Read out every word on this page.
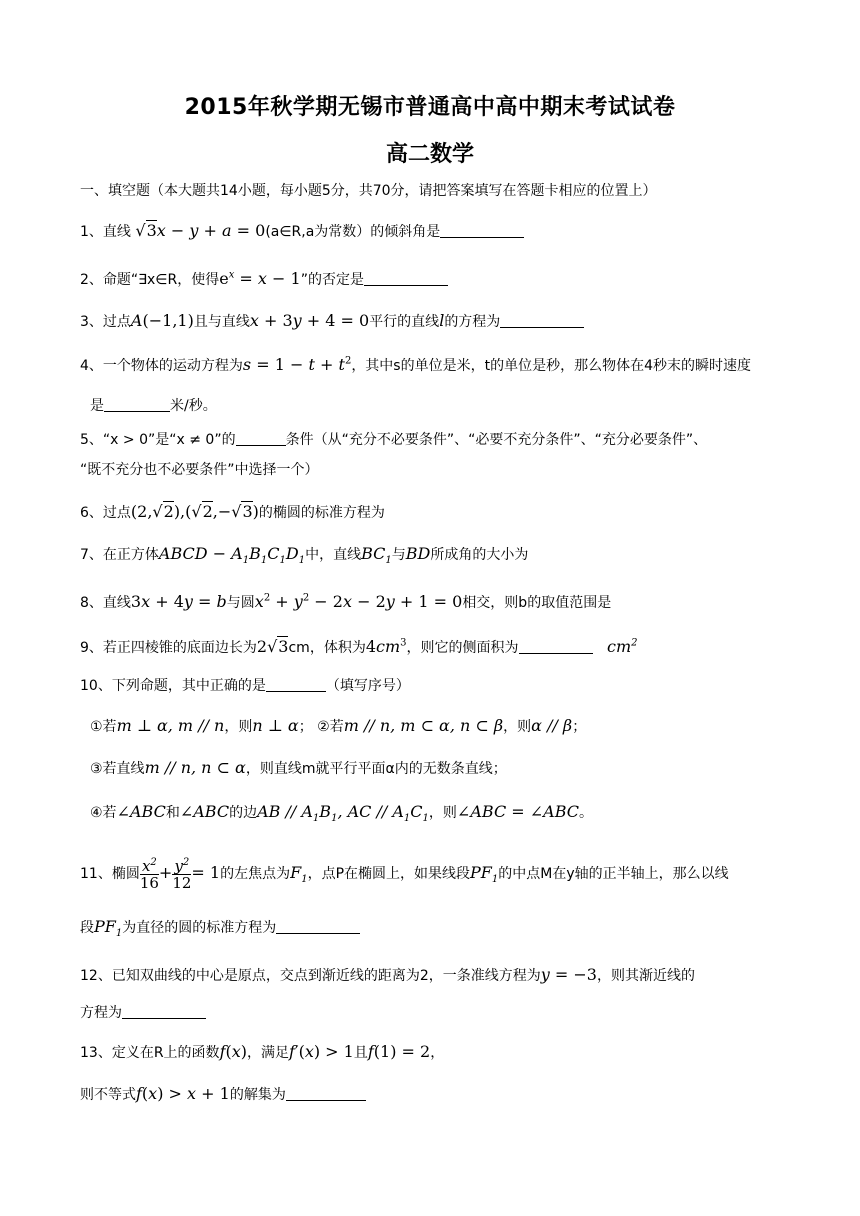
2015年秋学期无锡市普通高中高中期末考试试卷
高二数学
一、填空题（本大题共14小题，每小题5分，共70分，请把答案填写在答题卡相应的位置上）
1、直线 √3x − y + a = 0(a∈R,a为常数）的倾斜角是
2、命题“∃x∈R，使得$e^x = x - 1$”的否定是
3、过点A(−1,1)且与直线x + 3y + 4 = 0平行的直线l的方程为
4、一个物体的运动方程为$s = 1 - t + t^2$，其中s的单位是米，t的单位是秒，那么物体在4秒末的瞬时速度
是	米/秒。
5、“x > 0”是“x ≠ 0”的	条件（从“充分不必要条件”、“必要不充分条件”、“充分必要条件”、
“既不充分也不必要条件”中选择一个）
6、过点(2,√2),(√2,−√3)的椭圆的标准方程为
7、在正方体ABCD − $A_1B_1C_1D_1$中，直线$BC_1$与BD所成角的大小为
8、直线3x + 4y = b与圆$x^2 + y^2 - 2x - 2y + 1 = 0$相交，则b的取值范围是
9、若正四棱锥的底面边长为2√3cm，体积为$4cm^3$，则它的侧面积为	$cm^2$
10、下列命题，其中正确的是	（填写序号）
①若m ⊥ α, m // n，则n ⊥ α； ②若m // n, m ⊂ α, n ⊂ β，则α // β；
③若直线m // n, n ⊂ α，则直线m就平行平面α内的无数条直线；
④若∠ABC和∠ABC的边AB // $A_1B_1$, AC // $A_1C_1$，则∠ABC = ∠ABC。
11、椭圆 $\frac{x^2}{16} + \frac{y^2}{12} = 1$的左焦点为$F_1$，点P在椭圆上，如果线段$PF_1$的中点M在y轴的正半轴上，那么以线
段$PF_1$为直径的圆的标准方程为
12、已知双曲线的中心是原点，交点到渐近线的距离为2，一条准线方程为y = −3，则其渐近线的
方程为
13、定义在R上的函数f(x)，满足f′(x) > 1且f(1) = 2，
则不等式f(x) > x + 1的解集为
